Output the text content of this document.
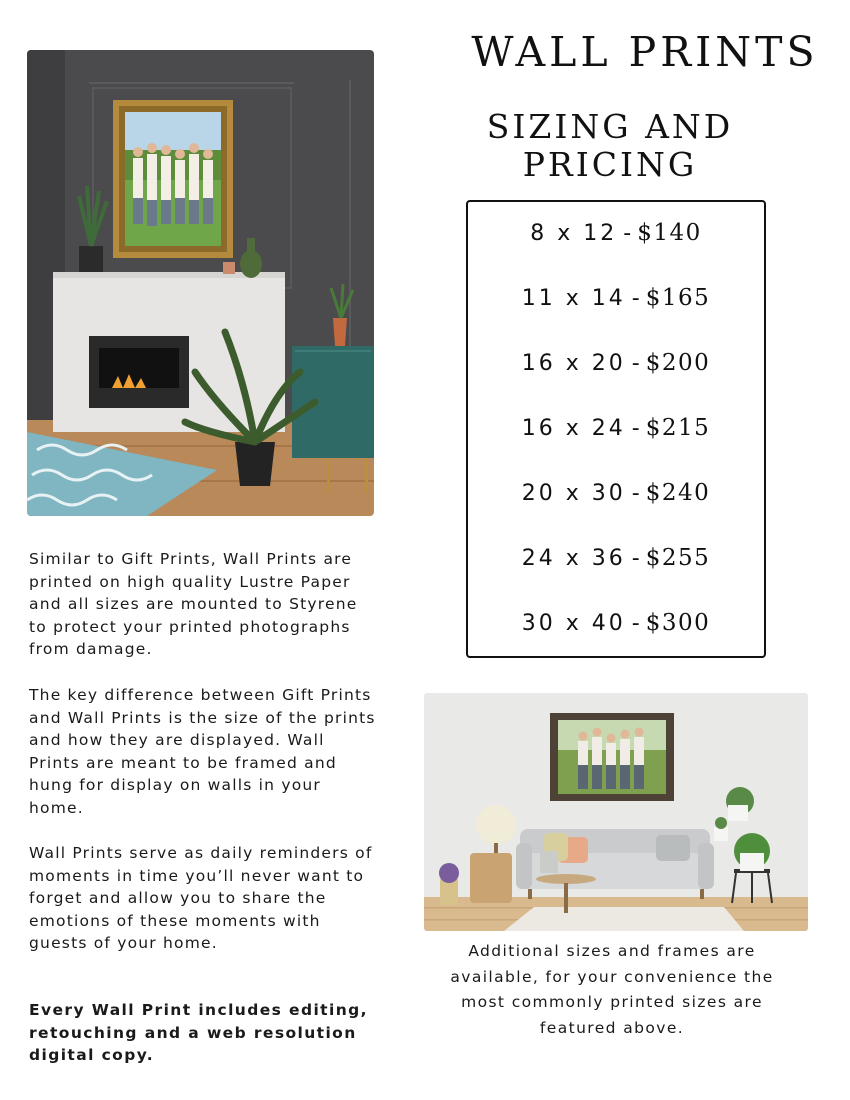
WALL PRINTS
SIZING AND PRICING
8 x 12 - $140
11 x 14 - $165
16 x 20 - $200
16 x 24 - $215
20 x 30 - $240
24 x 36 - $255
30 x 40 - $300

Similar to Gift Prints, Wall Prints are printed on high quality Lustre Paper and all sizes are mounted to Styrene to protect your printed photographs from damage.

The key difference between Gift Prints and Wall Prints is the size of the prints and how they are displayed. Wall Prints are meant to be framed and hung for display on walls in your home.

Wall Prints serve as daily reminders of moments in time you’ll never want to forget and allow you to share the emotions of these moments with guests of your home.

Every Wall Print includes editing, retouching and a web resolution digital copy.

Additional sizes and frames are available, for your convenience the most commonly printed sizes are featured above.
